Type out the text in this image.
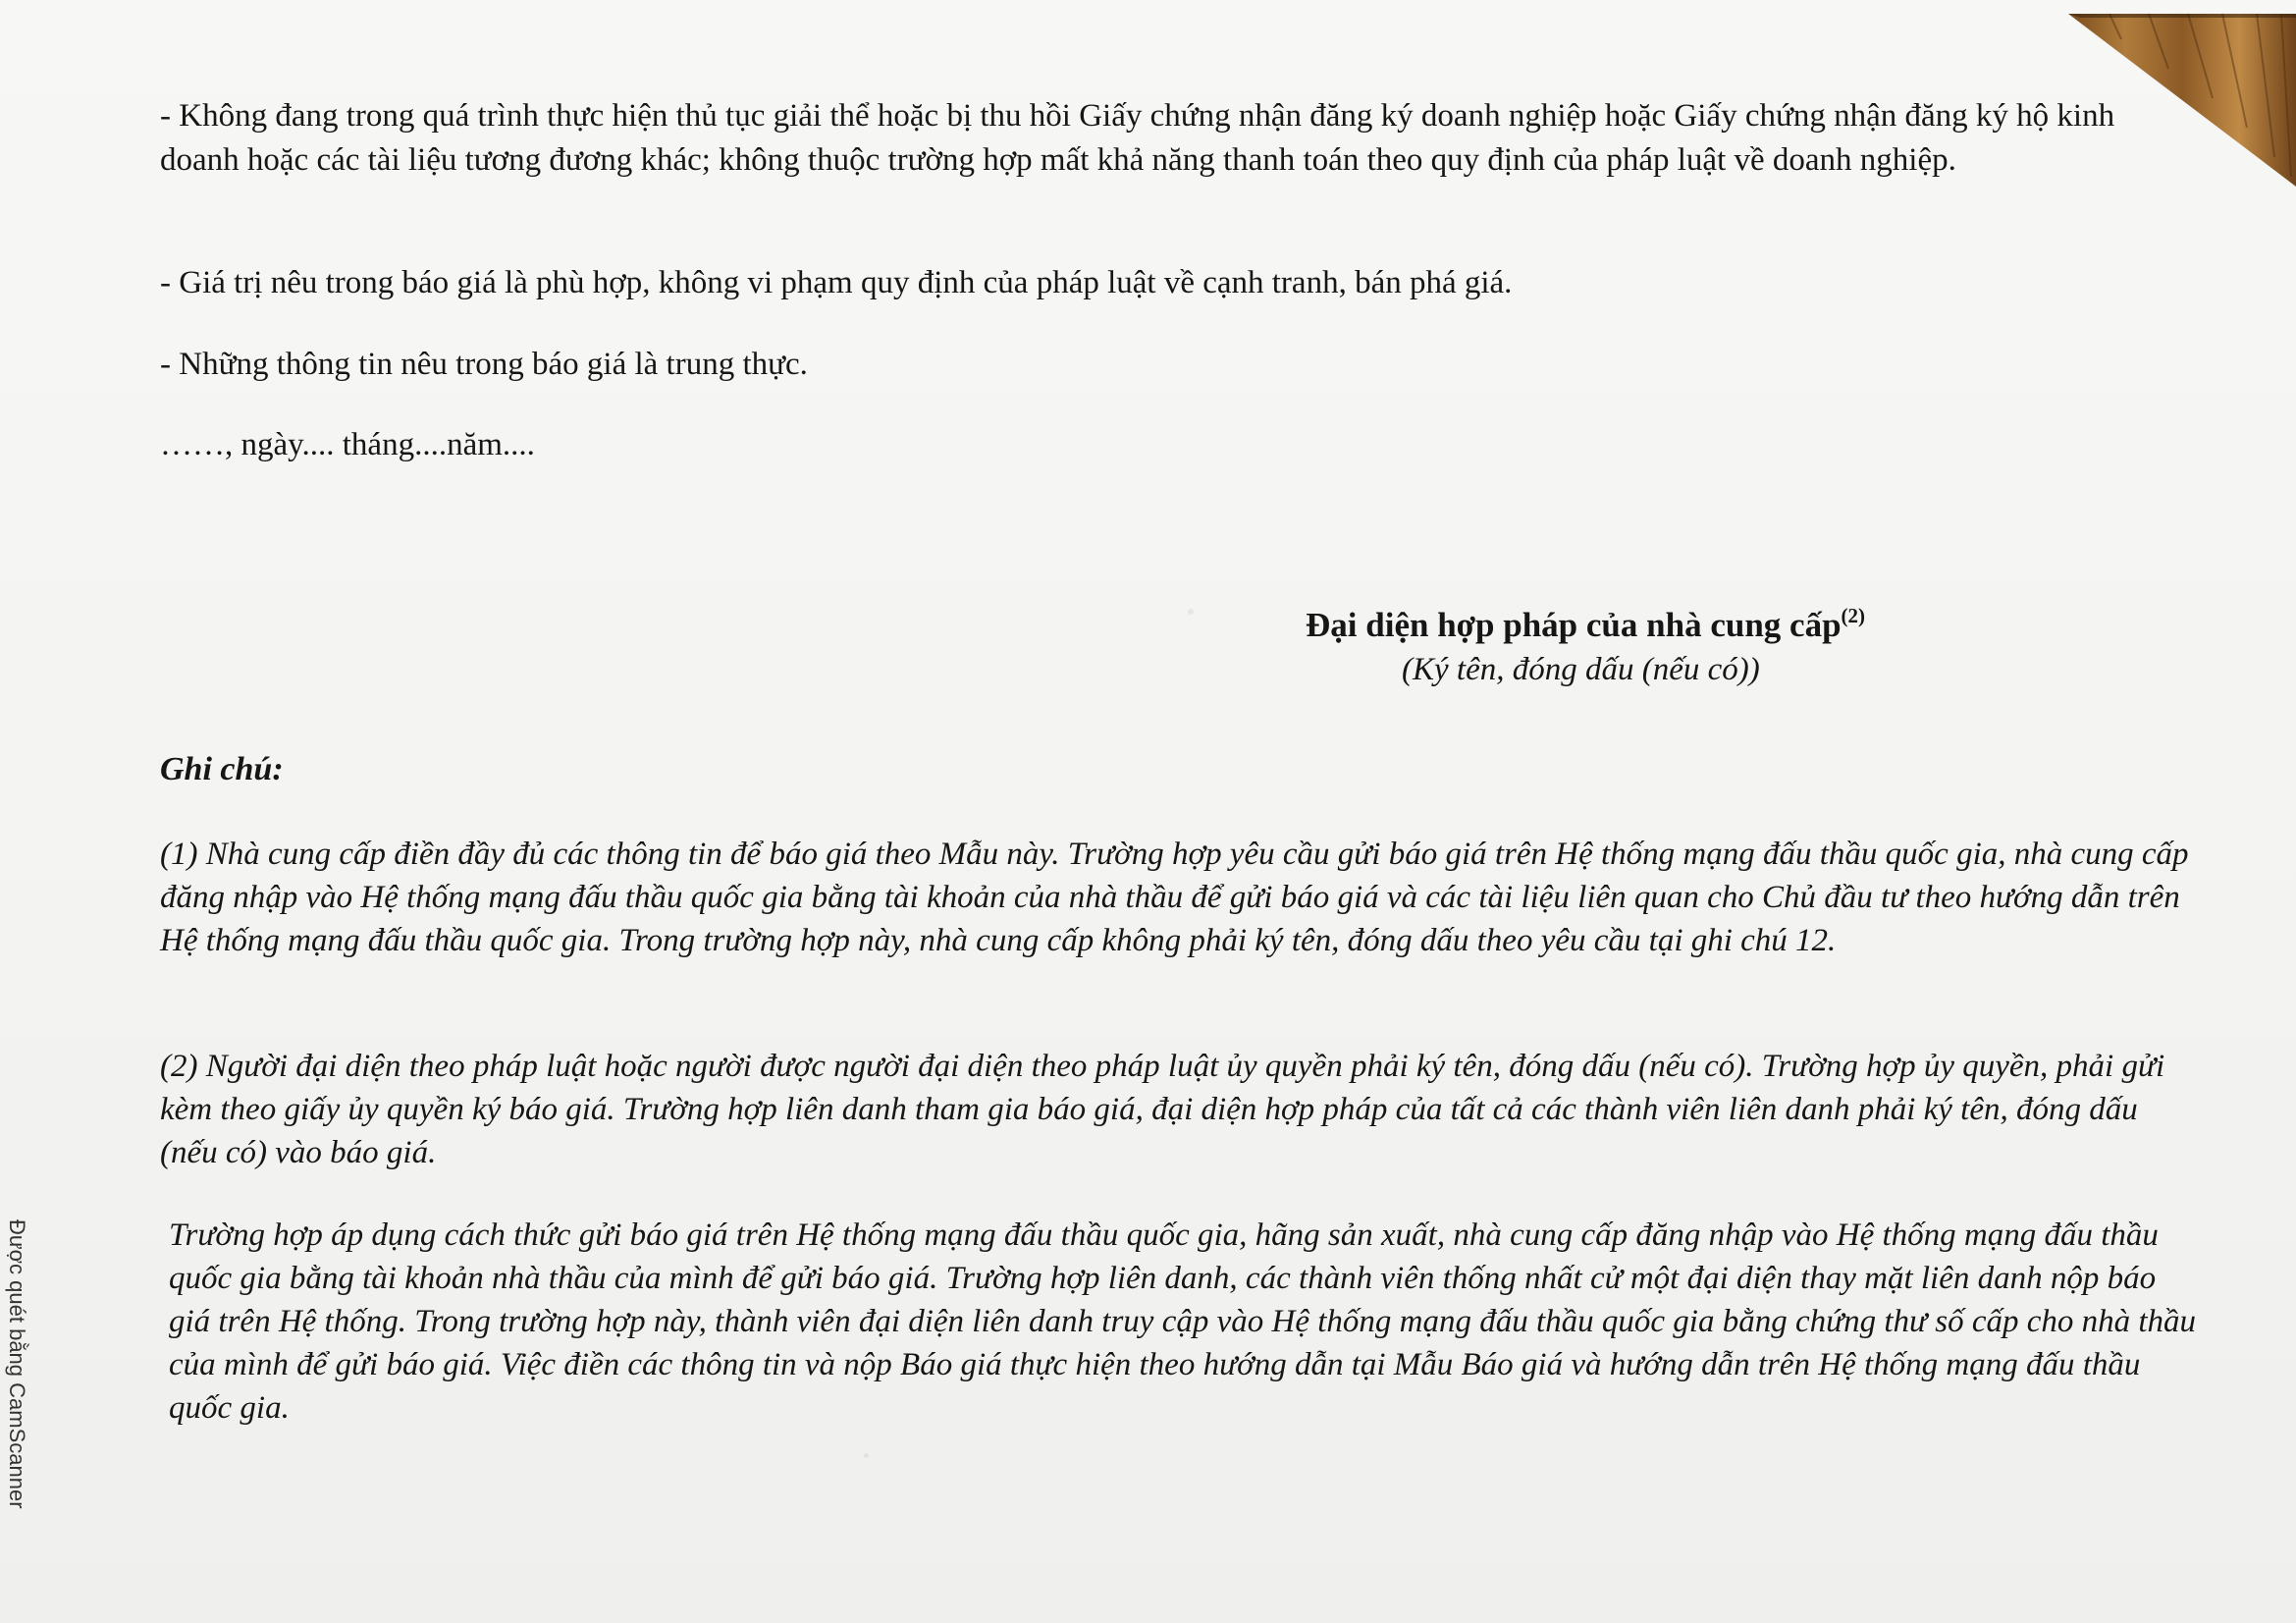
- Không đang trong quá trình thực hiện thủ tục giải thể hoặc bị thu hồi Giấy chứng nhận đăng ký doanh nghiệp hoặc Giấy chứng nhận đăng ký hộ kinh doanh hoặc các tài liệu tương đương khác; không thuộc trường hợp mất khả năng thanh toán theo quy định của pháp luật về doanh nghiệp.

- Giá trị nêu trong báo giá là phù hợp, không vi phạm quy định của pháp luật về cạnh tranh, bán phá giá.

- Những thông tin nêu trong báo giá là trung thực.

……, ngày.... tháng....năm....

Đại diện hợp pháp của nhà cung cấp$^{(2)}$
(Ký tên, đóng dấu (nếu có))
Ghi chú:

(1) Nhà cung cấp điền đầy đủ các thông tin để báo giá theo Mẫu này. Trường hợp yêu cầu gửi báo giá trên Hệ thống mạng đấu thầu quốc gia, nhà cung cấp đăng nhập vào Hệ thống mạng đấu thầu quốc gia bằng tài khoản của nhà thầu để gửi báo giá và các tài liệu liên quan cho Chủ đầu tư theo hướng dẫn trên Hệ thống mạng đấu thầu quốc gia. Trong trường hợp này, nhà cung cấp không phải ký tên, đóng dấu theo yêu cầu tại ghi chú 12.

(2) Người đại diện theo pháp luật hoặc người được người đại diện theo pháp luật ủy quyền phải ký tên, đóng dấu (nếu có). Trường hợp ủy quyền, phải gửi kèm theo giấy ủy quyền ký báo giá. Trường hợp liên danh tham gia báo giá, đại diện hợp pháp của tất cả các thành viên liên danh phải ký tên, đóng dấu (nếu có) vào báo giá.

Trường hợp áp dụng cách thức gửi báo giá trên Hệ thống mạng đấu thầu quốc gia, hãng sản xuất, nhà cung cấp đăng nhập vào Hệ thống mạng đấu thầu quốc gia bằng tài khoản nhà thầu của mình để gửi báo giá. Trường hợp liên danh, các thành viên thống nhất cử một đại diện thay mặt liên danh nộp báo giá trên Hệ thống. Trong trường hợp này, thành viên đại diện liên danh truy cập vào Hệ thống mạng đấu thầu quốc gia bằng chứng thư số cấp cho nhà thầu của mình để gửi báo giá. Việc điền các thông tin và nộp Báo giá thực hiện theo hướng dẫn tại Mẫu Báo giá và hướng dẫn trên Hệ thống mạng đấu thầu quốc gia.

Được quét bằng CamScanner
